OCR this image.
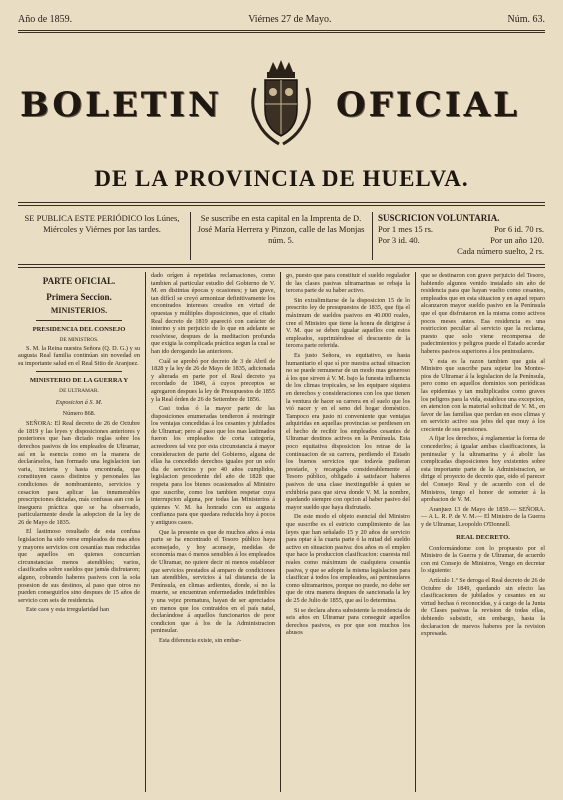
Año de 1859.	Viérnes 27 de Mayo.	Núm. 63.
BOLETIN	OFICIAL
DE LA PROVINCIA DE HUELVA.
SE PUBLICA ESTE PERIÓDICO los Lúnes, Miércoles y Viérnes por las tardes.
Se suscribe en esta capital en la Imprenta de D. José María Herrera y Pinzon, calle de las Monjas núm. 5.
SUSCRICION VOLUNTARIA.
Por 1 mes 15 rs.	Por 6 id. 70 rs.
Por 3 id. 40.	Por un año 120.
Cada número suelto, 2 rs.
PARTE OFICIAL.
Primera Seccion.
MINISTERIOS.
PRESIDENCIA DEL CONSEJO
DE MINISTROS.

S. M. la Reina nuestra Señora (Q. D. G.) y su augusta Real familia continúan sin novedad en su importante salud en el Real Sitio de Aranjuez.

MINISTERIO DE LA GUERRA Y
DE ULTRAMAR.
Exposicion á S. M.
Número 868.

SEÑORA: El Real decreto de 26 de Octubre de 1819 y las leyes y disposiciones anteriores y posteriores que han dictado reglas sobre los derechos pasivos de los empleados de Ultramar, así en la esencia como en la manera de declarárselos, han formado una legislacion tan varia, incierta y hasta encontrada, que constituyen casos distintos y personales las condiciones de nombramiento, servicios y cesacion para aplicar las innumerables prescripciones dictadas, más confusas aun con la inseguera práctica que se ha observado, particularmente desde la adopcion de la ley de 26 de Mayo de 1835.

El lastimoso resultado de esta confusa legislacion ha sido verse empleados de mas años y mayores servicios con cesantías mas reducidas que aquellos en quienes concurrían circunstancias menos atendibles; varios, clasificados sobre sueldos que jamás disfrutaron; alguno, cobrando haberes pasivos con la sola posesion de sus destinos, al paso que otros no pueden conseguirlos sino despues de 15 años de servicio con seis de residencia.

Este caos y esta irregularidad han

dado orígen á repetidas reclamaciones, como tambien al particular estudio del Gobierno de V. M. en distintas épocas y ocasiones; y tan grave, tan difícil se creyó armonizar definitivamente los encontrados intereses creados en virtud de opuestas y múltiples disposiciones, que el citado Real decreto de 1819 apareció con carácter de interino y sin perjuicio de lo que en adelante se resolviese, despues de la meditacion profunda que exigia la complicada práctica segun la cual se han ido derogando las anteriores.

Cuál se aprobó por decreto de 3 de Abril de 1828 y la ley de 26 de Mayo de 1835, adicionada y alterada en parte por el Real decreto ya recordado de 1849, á cuyos preceptos se agregaron despues la ley de Presupuestos de 1855 y la Real órden de 26 de Setiembre de 1856.

Casi todas ó la mayor parte de las disposiciones enumeradas tendieron á restringir los ventajas concedidas á los cesantes y jubilados de Ultramar; pero al paso que los mas lastimados fueron los empleados de corta categoría, acreedores tal vez por esta circunstancia á mayor consideracion de parte del Gobierno, alguna de ellas ha concedido derechos iguales por un solo dia de servicios y por 40 años cumplidos, legislacion procedente del año de 1828 que respeta para los bienes ocasionados al Ministro que suscribe, como los tambien respetar cuya interrupcion alguna, por todas las Ministerios á quienes V. M. ha honrado con su augusta confianza para que quedara reducida hoy á pocos y antiguos casos.

Que la presente es que de muchos años á esta parte se ha encontrado el Tesoro público haya aconsejado, y hoy aconseje, medidas de economía mas ó menos sensibles á los empleados de Ultramar, no quiere decir ni menos establecer que servicios prestados al amparo de condiciones tan atendibles, servicios á tal distancia de la Península, en climas ardientes, donde, sí no la muerte, se encuentran enfermedades indefinibles y una vejez prematura, hayan de ser apreciados en menos que los contraidos en el país natal, declarándose á aquellos funcionarios de peor condicion que á los de la Administracion peninsular.

Esta diferencia existe, sin embar-

go, puesto que para constituir el sueldo regulador de las clases pasivas ultramarinas se rebaja la tercera parte de su haber activo.

Sin extralimitarse de la disposicion 15 de lo prescrito ley de presupuestos de 1835, que fija el máximum de sueldos pasivos en 40.000 reales, cree el Ministro que tiene la honra de dirigirse á V. M. que se deben igualar aquellos con estos empleados, suprimiéndose el descuento de la tercera parte referida.

Es justo Señora, es equitativo, es hasta humanitario el que sí por nuestra actual situacion no se puede remunerar de un modo mas generoso á los que sirven á V. M. bajo la funesta influencia de los climas tropicales, se les equipare siquiera en derechos y consideraciones con los que tienen la ventura de hacer su carrera en el suelo que los vió nacer y en el seno del hogar doméstico. Tampoco era justo ni conveniente que ventajas adquiridas en aquellas provincias se perdiesen en el hecho de recibir los empleados cesantes de Ultramar destinos activos en la Península. Esta poco equitativa disposicion los retrae de la continuacion de su carrera, perdiendo el Estado los buenos servicios que todavía pudieran prestarle, y recargaba considerablemente al Tesoro público, obligado á satisfacer haberes pasivos de una clase inextinguible á quien se exhibiría para que sirva donde V. M. la nombre, quedando siempre con opcion al haber pasivo del mayor sueldo que haya disfrutado.

De este modo el objeto esencial del Ministro que suscribe es el estricto cumplimiento de las leyes que han señalado 15 y 20 años de servicio para optar á la cuarta parte ó la mitad del sueldo activo en situacion pasiva: dos años es el empleo que hace la produccion clasificacion: cuaresta mil reales como máximum de cualquiera cesantía pasiva, y que se adopte la misma legislacion para clasificar á todos los empleados, así peninsulares como ultramarinos, porque no puede, no debe ser que de otra manera despues de sancionada la ley de 25 de Julio de 1855, que así lo determina.

Si se declara ahora subsistente la residencia de seis años en Ultramar para conseguir aquellos derechos pasivos, es por que son muchos los abusos

que se destinaron con grave perjuicio del Tesoro, habiendo algunos venido instalado sin año de residencia para que hayan vuelto como cesantes, empleados que en esta situacion y en aquel reparo alcanzaron mayor sueldo pasivo en la Península que el que disfrutaron en la misma como activos pocos meses antes. Esa residencia es una restriccion peculiar al servicio que la reclama, puesto que solo viene recompensa de padecimientos y peligros puede el Estado acordar haberes pasivos superiores á los peninsulares.

Y esta es la razon tambien que guia al Ministro que suscribe para sujetar los Montes-pios de Ultramar á la legislacion de la Península, pero como en aquellos dominios son periódicas las epidemias y tan multiplicados como graves los peligros para la vida, establece una excepcion, en atencion con la material solicitud de V. M., en favor de las familias que perdan en esos climas y en servicio activo sus jefes del que muy á los creciente de sus pensiones.

A fijar los derechos, á reglamentar la forma de concederlos; á igualar ambas clasificaciones, la peninsular y la ultramarina y á abolir las complicadas disposiciones hoy existentes sobre esta importante parte de la Administracion, se dirige el proyecto de decreto que, oido el parecer del Consejo Real y de acuerdo con el de Ministros, tengo el honor de someter á la aprobacion de V. M.

Aranjuez 13 de Mayo de 1859.— SEÑORA.— A L. R. P. de V. M.— El Ministro de la Guerra y de Ultramar, Leopoldo O'Donnell.

REAL DECRETO.

Conformándome con lo propuesto por el Ministro de la Guerra y de Ultramar, de acuerdo con mi Consejo de Ministros, Vengo en decretar lo siguiente:

Artículo 1.º Se deroga el Real decreto de 26 de Octubre de 1849, quedando sin efecto las clasificaciones de jubilados y cesantes en su virtud hechas ó reconocidas, y á cargo de la Junta de Clases pasivas la revision de todas ellas, debiendo subsistir, sin embargo, hasta la declaracion de nuevos haberes por la revision expresada.
